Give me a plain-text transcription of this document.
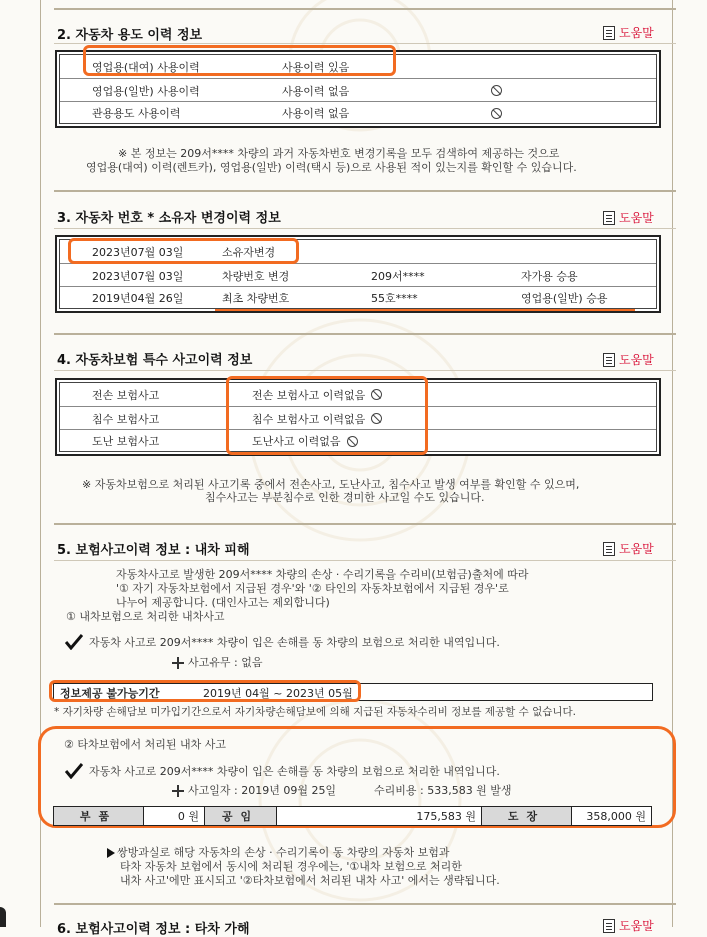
2. 자동차 용도 이력 정보	도움말
영업용(대여) 사용이력	사용이력 있음
영업용(일반) 사용이력	사용이력 없음
관용용도 사용이력	사용이력 없음
※ 본 정보는 209서**** 차량의 과거 자동차번호 변경기록을 모두 검색하여 제공하는 것으로
영업용(대여) 이력(렌트카), 영업용(일반) 이력(택시 등)으로 사용된 적이 있는지를 확인할 수 있습니다.
3. 자동차 번호 * 소유자 변경이력 정보	도움말
2023년07월 03일	소유자변경
2023년07월 03일	차량번호 변경	209서****	자가용 승용
2019년04월 26일	최초 차량번호	55호****	영업용(일반) 승용
4. 자동차보험 특수 사고이력 정보	도움말
전손 보험사고	전손 보험사고 이력없음
침수 보험사고	침수 보험사고 이력없음
도난 보험사고	도난사고 이력없음
※ 자동차보험으로 처리된 사고기록 중에서 전손사고, 도난사고, 침수사고 발생 여부를 확인할 수 있으며,
침수사고는 부분침수로 인한 경미한 사고일 수도 있습니다.
5. 보험사고이력 정보 : 내차 피해	도움말
자동차사고로 발생한 209서**** 차량의 손상 · 수리기록을 수리비(보험금)출처에 따라
'① 자기 자동차보험에서 지급된 경우'와 '② 타인의 자동차보험에서 지급된 경우'로
나누어 제공합니다. (대인사고는 제외합니다)
① 내차보험으로 처리한 내차사고
자동차 사고로 209서**** 차량이 입은 손해를 동 차량의 보험으로 처리한 내역입니다.
사고유무 : 없음
정보제공 불가능기간	2019년 04월 ~ 2023년 05월
* 자기차량 손해담보 미가입기간으로서 자기차량손해담보에 의해 지급된 자동차수리비 정보를 제공할 수 없습니다.
② 타차보험에서 처리된 내차 사고
자동차 사고로 209서**** 차량이 입은 손해를 동 차량의 보험으로 처리한 내역입니다.
사고일자 : 2019년 09월 25일	수리비용 : 533,583 원 발생
부품	0 원	공임	175,583 원	도장	358,000 원
쌍방과실로 해당 자동차의 손상 · 수리기록이 동 차량의 자동차 보험과
타차 자동차 보험에서 동시에 처리된 경우에는, '①내차 보험으로 처리한
내차 사고'에만 표시되고 '②타차보험에서 처리된 내차 사고' 에서는 생략됩니다.
6. 보험사고이력 정보 : 타차 가해	도움말
